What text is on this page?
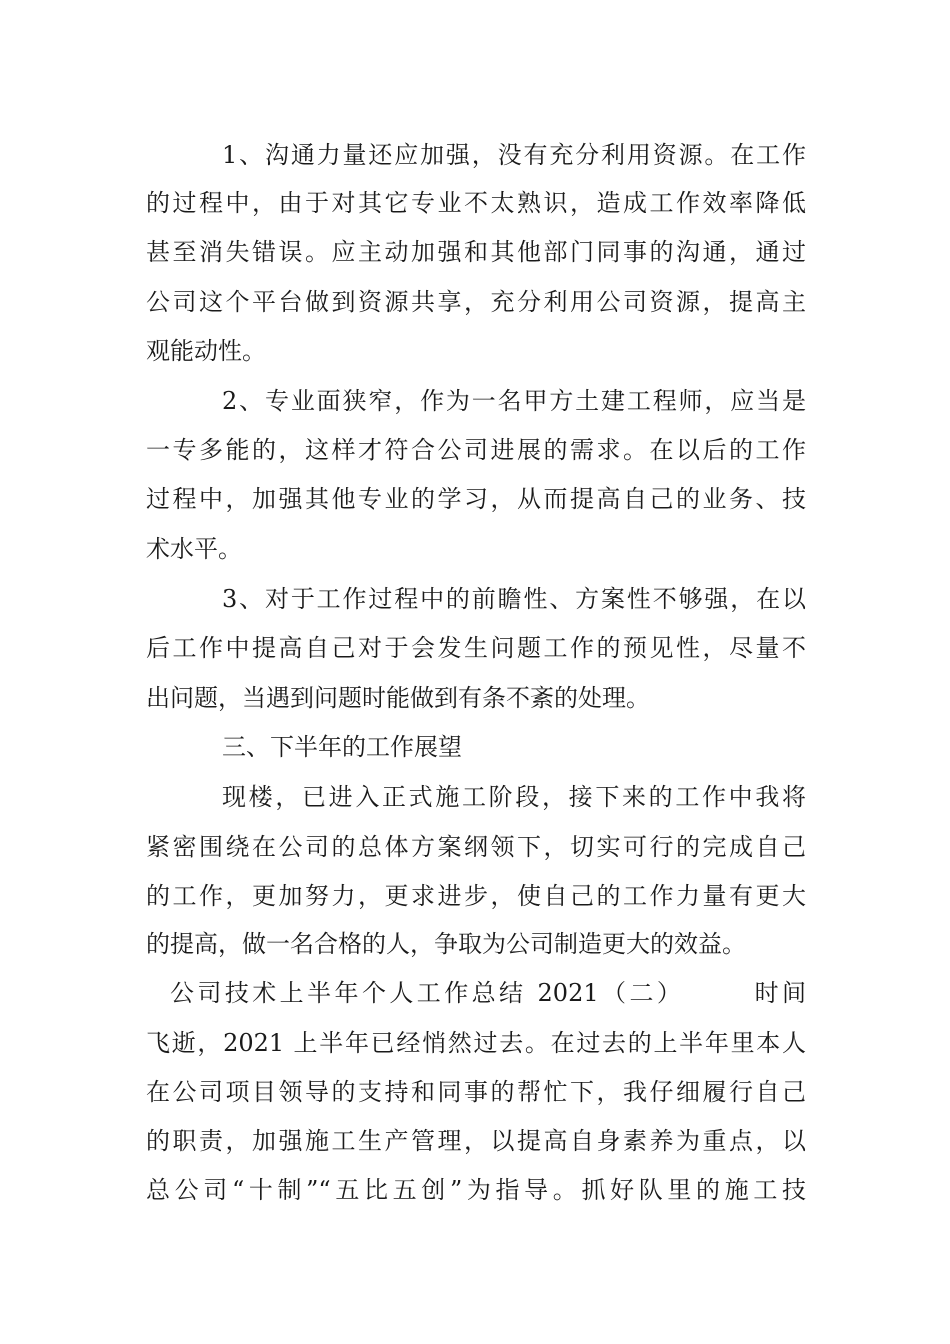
1、沟通力量还应加强，没有充分利用资源。在工作
的过程中，由于对其它专业不太熟识，造成工作效率降低
甚至消失错误。应主动加强和其他部门同事的沟通，通过
公司这个平台做到资源共享，充分利用公司资源，提高主
观能动性。
2、专业面狭窄，作为一名甲方土建工程师，应当是
一专多能的，这样才符合公司进展的需求。在以后的工作
过程中，加强其他专业的学习，从而提高自己的业务、技
术水平。
3、对于工作过程中的前瞻性、方案性不够强，在以
后工作中提高自己对于会发生问题工作的预见性，尽量不
出问题，当遇到问题时能做到有条不紊的处理。
三、下半年的工作展望
现楼，已进入正式施工阶段，接下来的工作中我将
紧密围绕在公司的总体方案纲领下，切实可行的完成自己
的工作，更加努力，更求进步，使自己的工作力量有更大
的提高，做一名合格的人，争取为公司制造更大的效益。
公司技术上半年个人工作总结 2021（二）　　　时间
飞逝，2021 上半年已经悄然过去。在过去的上半年里本人
在公司项目领导的支持和同事的帮忙下，我仔细履行自己
的职责，加强施工生产管理，以提高自身素养为重点，以
总公司“十制”“五比五创”为指导。抓好队里的施工技
